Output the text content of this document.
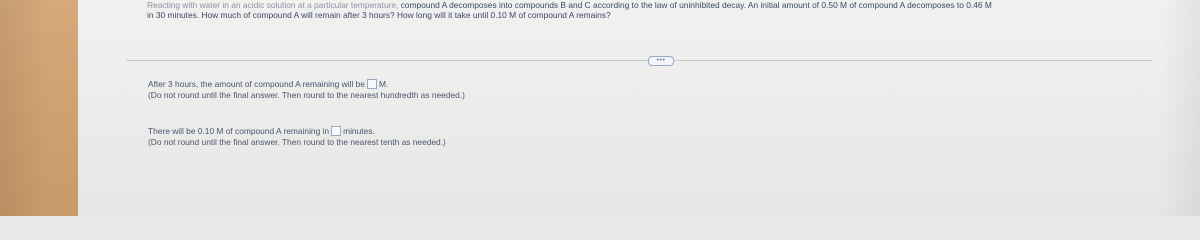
Reacting with water in an acidic solution at a particular temperature, compound A decomposes into compounds B and C according to the law of uninhibited decay. An initial amount of 0.50 M of compound A decomposes to 0.46 M

in 30 minutes. How much of compound A will remain after 3 hours? How long will it take until 0.10 M of compound A remains?

•••
After 3 hours, the amount of compound A remaining will be M.
(Do not round until the final answer. Then round to the nearest hundredth as needed.)
There will be 0.10 M of compound A remaining in minutes.
(Do not round until the final answer. Then round to the nearest tenth as needed.)
